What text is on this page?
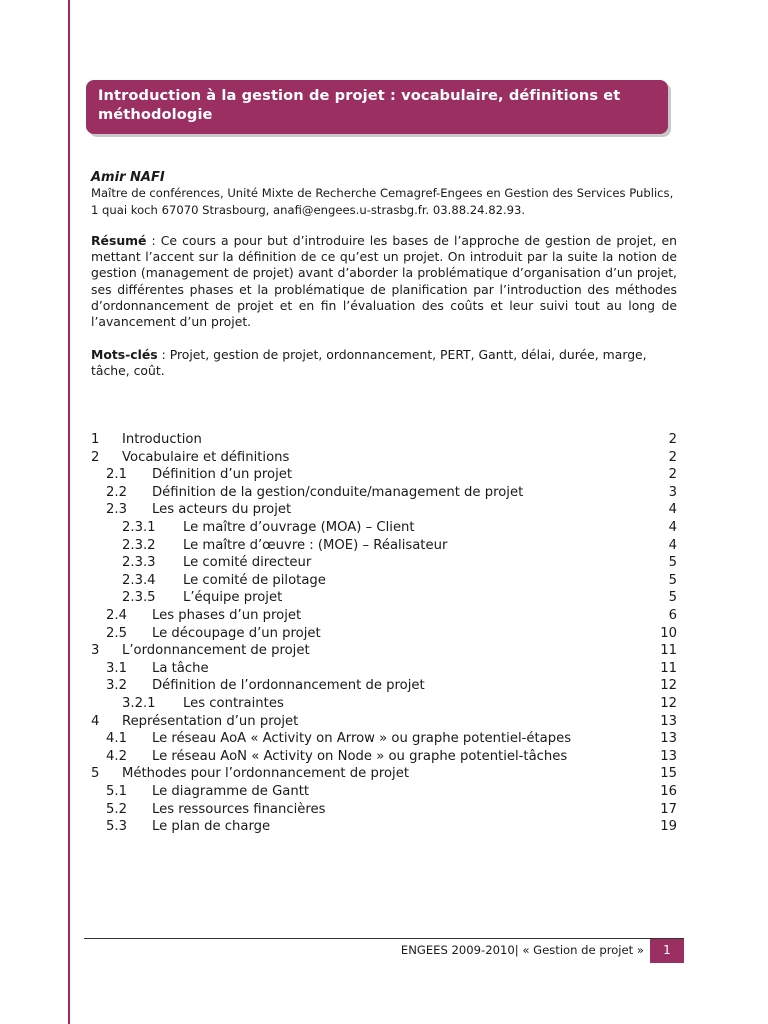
Introduction à la gestion de projet : vocabulaire, définitions et méthodologie
Amir NAFI
Maître de conférences, Unité Mixte de Recherche Cemagref-Engees en Gestion des Services Publics, 1 quai koch 67070 Strasbourg, anafi@engees.u-strasbg.fr. 03.88.24.82.93.
Résumé : Ce cours a pour but d’introduire les bases de l’approche de gestion de projet, en mettant l’accent sur la définition de ce qu’est un projet. On introduit par la suite la notion de gestion (management de projet) avant d’aborder la problématique d’organisation d’un projet, ses différentes phases et la problématique de planification par l’introduction des méthodes d’ordonnancement de projet et en fin l’évaluation des coûts et leur suivi tout au long de l’avancement d’un projet.
Mots-clés : Projet, gestion de projet, ordonnancement, PERT, Gantt, délai, durée, marge, tâche, coût.
1 Introduction	2
2 Vocabulaire et définitions	2
2.1 Définition d’un projet	2
2.2 Définition de la gestion/conduite/management de projet	3
2.3 Les acteurs du projet	4
2.3.1 Le maître d’ouvrage (MOA) – Client	4
2.3.2 Le maître d’œuvre : (MOE) – Réalisateur	4
2.3.3 Le comité directeur	5
2.3.4 Le comité de pilotage	5
2.3.5 L’équipe projet	5
2.4 Les phases d’un projet	6
2.5 Le découpage d’un projet	10
3 L’ordonnancement de projet	11
3.1 La tâche	11
3.2 Définition de l’ordonnancement de projet	12
3.2.1 Les contraintes	12
4 Représentation d’un projet	13
4.1 Le réseau AoA « Activity on Arrow » ou graphe potentiel-étapes	13
4.2 Le réseau AoN « Activity on Node » ou graphe potentiel-tâches	13
5 Méthodes pour l’ordonnancement de projet	15
5.1 Le diagramme de Gantt	16
5.2 Les ressources financières	17
5.3 Le plan de charge	19
ENGEES 2009-2010| « Gestion de projet »	1
